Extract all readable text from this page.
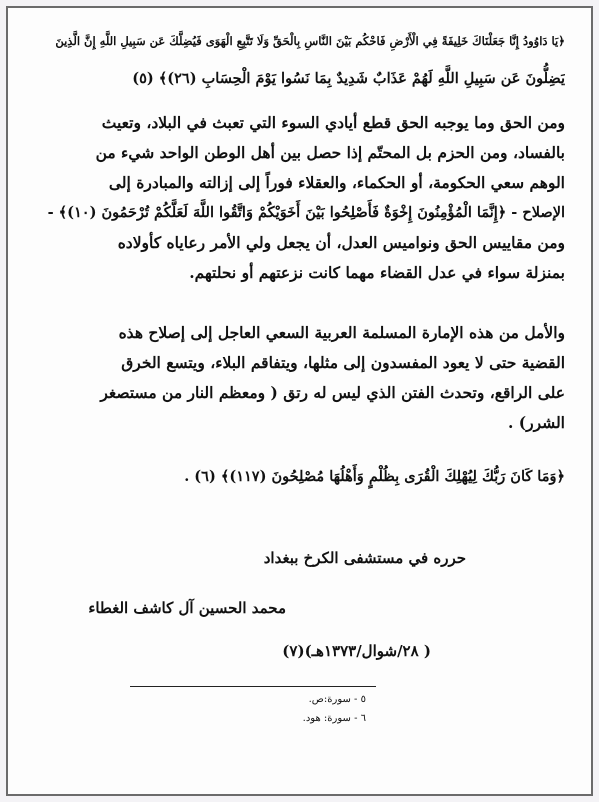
﴿يَا دَاوُودُ إِنَّا جَعَلْنَاكَ خَلِيفَةً فِي الْأَرْضِ فَاحْكُم بَيْنَ النَّاسِ بِالْحَقِّ وَلَا تَتَّبِعِ الْهَوَى فَيُضِلَّكَ عَن سَبِيلِ اللَّهِ إِنَّ الَّذِينَ
يَضِلُّونَ عَن سَبِيلِ اللَّهِ لَهُمْ عَذَابٌ شَدِيدٌ بِمَا نَسُوا يَوْمَ الْحِسَابِ (٢٦)﴾ (٥)
ومن الحق وما يوجبه الحق قطع أيادي السوء التي تعبث في البلاد، وتعيث
بالفساد، ومن الحزم بل المحتّم إذا حصل بين أهل الوطن الواحد شيء من
الوهم سعي الحكومة، أو الحكماء، والعقلاء فوراً إلى إزالته والمبادرة إلى
الإصلاح - ﴿إِنَّمَا الْمُؤْمِنُونَ إِخْوَةٌ فَأَصْلِحُوا بَيْنَ أَخَوَيْكُمْ وَاتَّقُوا اللَّهَ لَعَلَّكُمْ تُرْحَمُونَ (١٠)﴾ -
ومن مقاييس الحق ونواميس العدل، أن يجعل ولي الأمر رعاياه كأولاده
بمنزلة سواء في عدل القضاء مهما كانت نزعتهم أو نحلتهم.
والأمل من هذه الإمارة المسلمة العربية السعي العاجل إلى إصلاح هذه
القضية حتى لا يعود المفسدون إلى مثلها، ويتفاقم البلاء، ويتسع الخرق
على الراقع، وتحدث الفتن الذي ليس له رتق ( ومعظم النار من مستصغر
الشرر) .
﴿وَمَا كَانَ رَبُّكَ لِيُهْلِكَ الْقُرَى بِظُلْمٍ وَأَهْلُهَا مُصْلِحُونَ (١١٧)﴾ (٦) .
حرره في مستشفى الكرخ ببغداد
محمد الحسين آل كاشف الغطاء
( ٢٨/شوال/١٣٧٣هـ)(٧)
٥ - سورة:ص.
٦ - سورة: هود.
